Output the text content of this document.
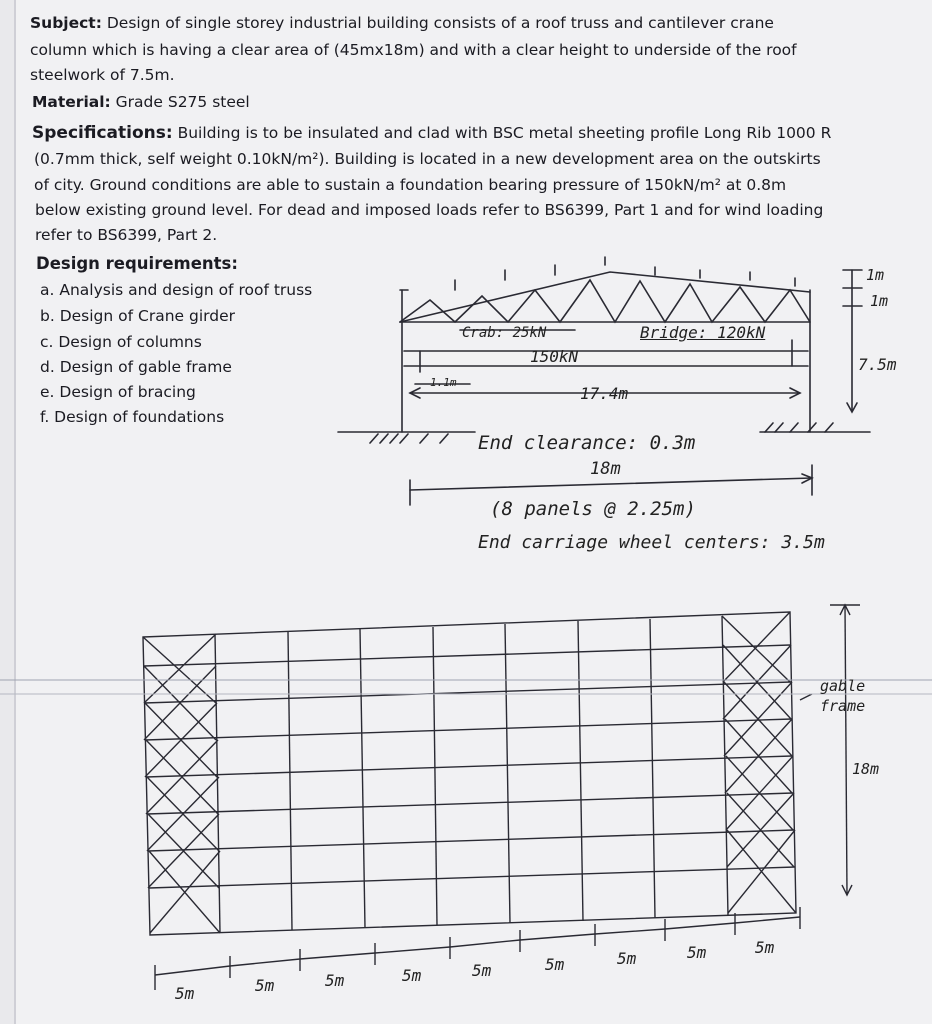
Subject: Design of single storey industrial building consists of a roof truss and cantilever crane
column which is having a clear area of (45mx18m) and with a clear height to underside of the roof
steelwork of 7.5m.
Material: Grade S275 steel
Specifications: Building is to be insulated and clad with BSC metal sheeting profile Long Rib 1000 R
(0.7mm thick, self weight 0.10kN/m²). Building is located in a new development area on the outskirts
of city. Ground conditions are able to sustain a foundation bearing pressure of 150kN/m² at 0.8m
below existing ground level. For dead and imposed loads refer to BS6399, Part 1 and for wind loading
refer to BS6399, Part 2.
Design requirements:
a. Analysis and design of roof truss
b. Design of Crane girder
c. Design of columns
d. Design of gable frame
e. Design of bracing
f. Design of foundations
1m
1m
Crab: 25kN	Bridge: 120kN
150kN	7.5m
1.1m
17.4m
End clearance: 0.3m
18m
(8 panels @ 2.25m)
End carriage wheel centers: 3.5m
gable frame
18m
5m	5m	5m	5m	5m	5m	5m	5m	5m
